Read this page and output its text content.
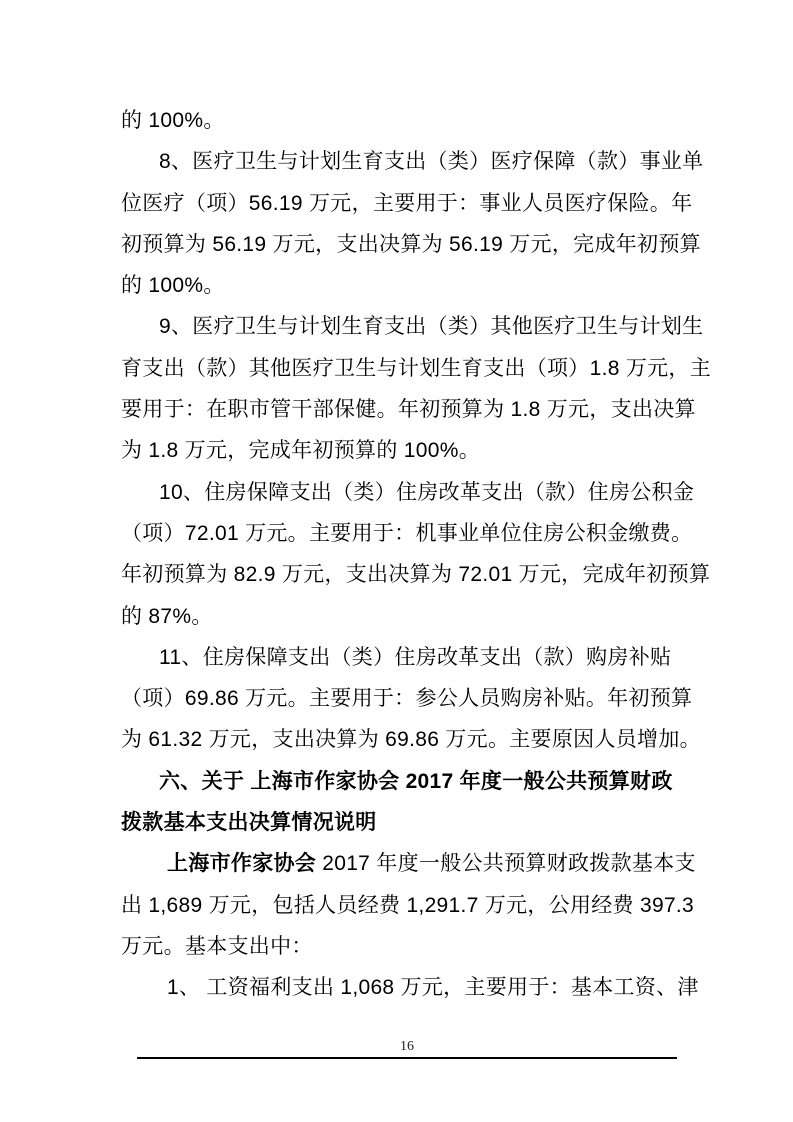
的 100%。
8、医疗卫生与计划生育支出（类）医疗保障（款）事业单
位医疗（项）56.19 万元，主要用于：事业人员医疗保险。年
初预算为 56.19 万元，支出决算为 56.19 万元，完成年初预算
的 100%。
9、医疗卫生与计划生育支出（类）其他医疗卫生与计划生
育支出（款）其他医疗卫生与计划生育支出（项）1.8 万元，主
要用于：在职市管干部保健。年初预算为 1.8 万元，支出决算
为 1.8 万元，完成年初预算的 100%。
10、住房保障支出（类）住房改革支出（款）住房公积金
（项）72.01 万元。主要用于：机事业单位住房公积金缴费。
年初预算为 82.9 万元，支出决算为 72.01 万元，完成年初预算
的 87%。
11、住房保障支出（类）住房改革支出（款）购房补贴
（项）69.86 万元。主要用于：参公人员购房补贴。年初预算
为 61.32 万元，支出决算为 69.86 万元。主要原因人员增加。
六、关于 上海市作家协会 2017 年度一般公共预算财政
拨款基本支出决算情况说明
上海市作家协会 2017 年度一般公共预算财政拨款基本支
出 1,689 万元，包括人员经费 1,291.7 万元，公用经费 397.3
万元。基本支出中：
1、 工资福利支出 1,068 万元，主要用于：基本工资、津
16
